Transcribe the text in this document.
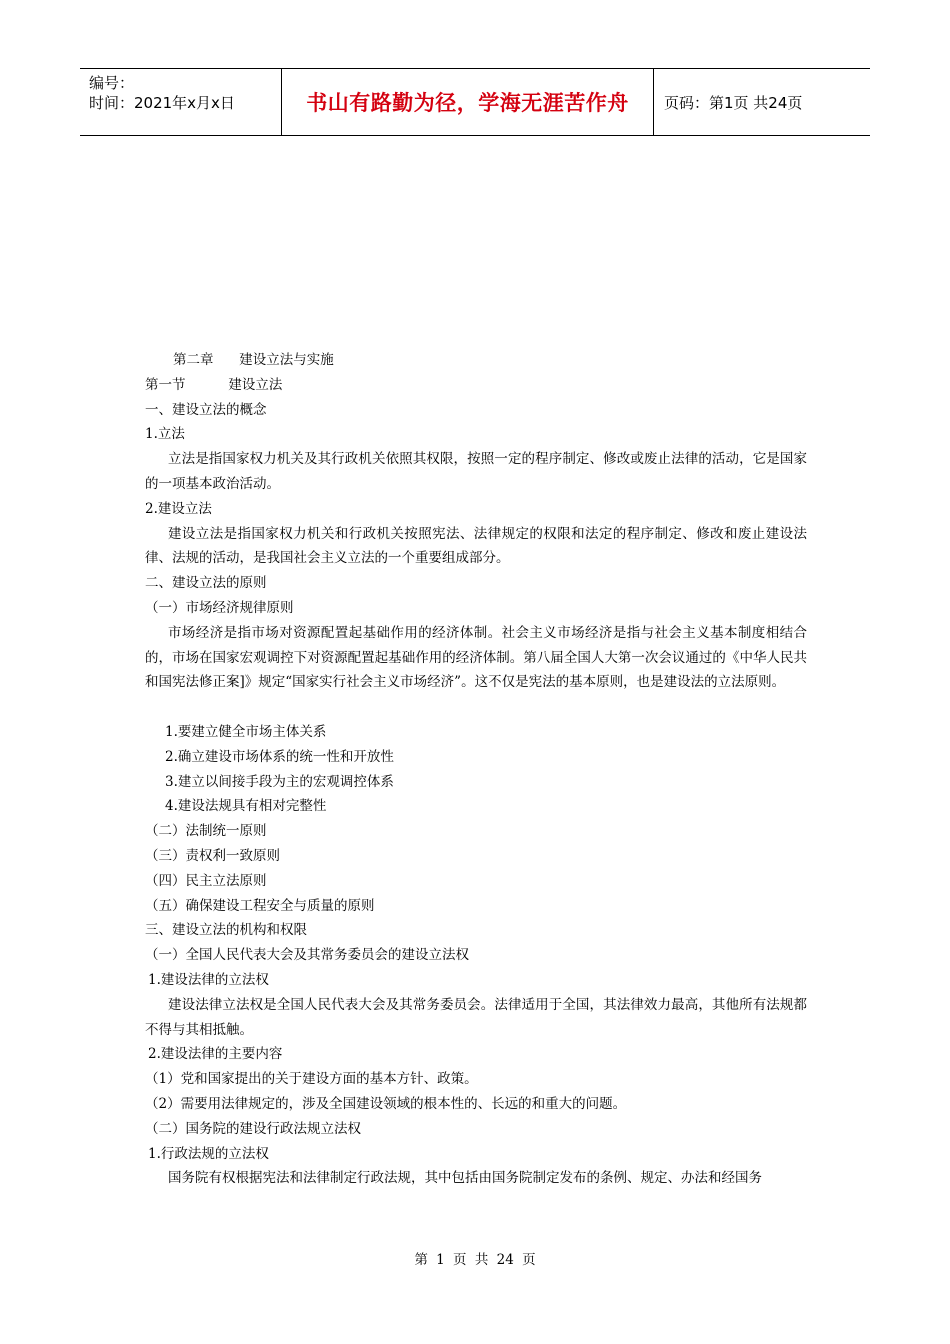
编号：
时间：2021年x月x日	书山有路勤为径，学海无涯苦作舟	页码：第1页 共24页
第二章      建设立法与实施
第一节          建设立法
一、建设立法的概念
1.立法
立法是指国家权力机关及其行政机关依照其权限，按照一定的程序制定、修改或废止法律的活动，它是国家的一项基本政治活动。
2.建设立法
建设立法是指国家权力机关和行政机关按照宪法、法律规定的权限和法定的程序制定、修改和废止建设法律、法规的活动，是我国社会主义立法的一个重要组成部分。
二、建设立法的原则
（一）市场经济规律原则
市场经济是指市场对资源配置起基础作用的经济体制。社会主义市场经济是指与社会主义基本制度相结合的，市场在国家宏观调控下对资源配置起基础作用的经济体制。第八届全国人大第一次会议通过的《中华人民共和国宪法修正案]》规定“国家实行社会主义市场经济”。这不仅是宪法的基本原则，也是建设法的立法原则。
1.要建立健全市场主体关系
2.确立建设市场体系的统一性和开放性
3.建立以间接手段为主的宏观调控体系
4.建设法规具有相对完整性
（二）法制统一原则
（三）责权利一致原则
（四）民主立法原则
（五）确保建设工程安全与质量的原则
三、建设立法的机构和权限
（一）全国人民代表大会及其常务委员会的建设立法权
1.建设法律的立法权
建设法律立法权是全国人民代表大会及其常务委员会。法律适用于全国，其法律效力最高，其他所有法规都不得与其相抵触。
2.建设法律的主要内容
（1）党和国家提出的关于建设方面的基本方针、政策。
（2）需要用法律规定的，涉及全国建设领域的根本性的、长远的和重大的问题。
（二）国务院的建设行政法规立法权
1.行政法规的立法权
国务院有权根据宪法和法律制定行政法规，其中包括由国务院制定发布的条例、规定、办法和经国务
第 1 页 共 24 页
